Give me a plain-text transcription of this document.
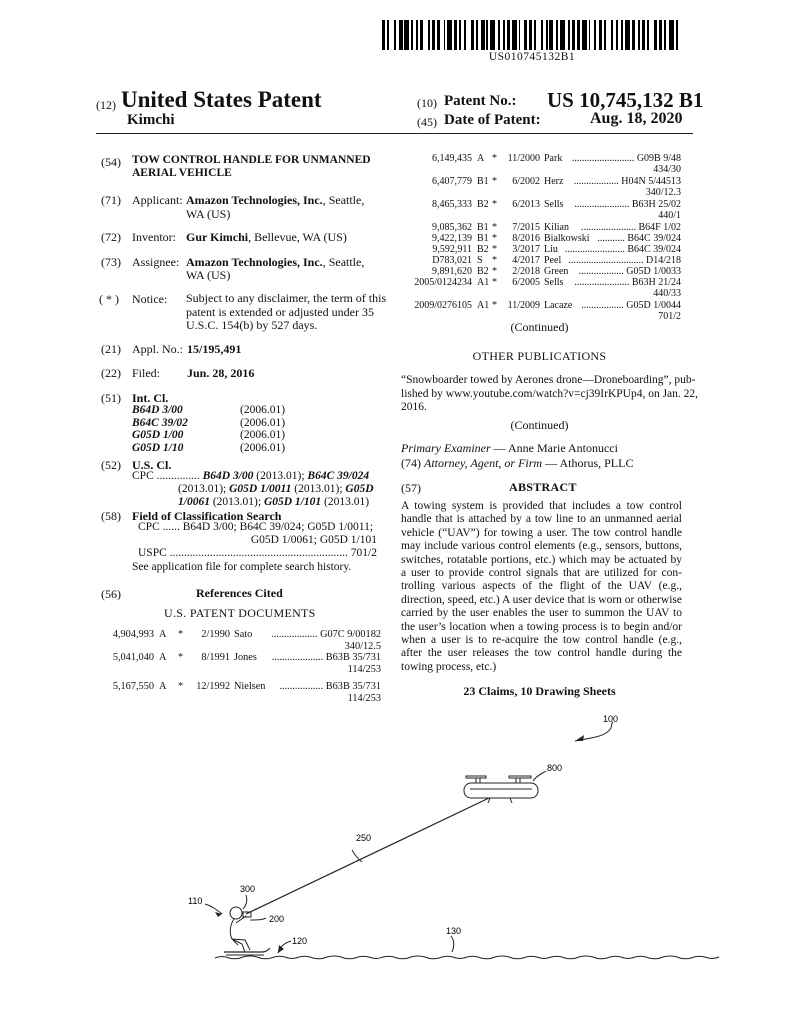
US010745132B1
(12) United States Patent
Kimchi
(10) Patent No.: US 10,745,132 B1
(45) Date of Patent:	Aug. 18, 2020
(54) TOW CONTROL HANDLE FOR UNMANNED
AERIAL VEHICLE
(71) Applicant: Amazon Technologies, Inc., Seattle,
WA (US)
(72) Inventor: Gur Kimchi, Bellevue, WA (US)
(73) Assignee: Amazon Technologies, Inc., Seattle,
WA (US)
( * ) Notice: Subject to any disclaimer, the term of this
patent is extended or adjusted under 35
U.S.C. 154(b) by 527 days.
(21) Appl. No.: 15/195,491
(22) Filed: Jun. 28, 2016
(51) Int. Cl.
B64D 3/00	(2006.01)
B64C 39/02	(2006.01)
G05D 1/00	(2006.01)
G05D 1/10	(2006.01)
(52) U.S. Cl.
CPC ............... B64D 3/00 (2013.01); B64C 39/024
(2013.01); G05D 1/0011 (2013.01); G05D
1/0061 (2013.01); G05D 1/101 (2013.01)
(58) Field of Classification Search
CPC ...... B64D 3/00; B64C 39/024; G05D 1/0011;
G05D 1/0061; G05D 1/101
USPC .............................................................. 701/2
See application file for complete search history.
(56)	References Cited
U.S. PATENT DOCUMENTS
4,904,993 A	*	2/1990 Sato	.................. G07C 9/00182
340/12.5
5,041,040 A	*	8/1991 Jones	.................... B63B 35/731
114/253
5,167,550 A	*	12/1992 Nielsen	................. B63B 35/731
114/253
6,149,435 A *	11/2000 Park ......................... G09B 9/48
434/30
6,407,779 B1 *	6/2002 Herz	.................. H04N 5/44513
340/12.3
8,465,333 B2 *	6/2013 Sells	...................... B63H 25/02
440/1
9,085,362 B1 *	7/2015 Kilian	...................... B64F 1/02
9,422,139 B1 *	8/2016 Bialkowski ........... B64C 39/024
9,592,911 B2 *	3/2017 Liu ........................ B64C 39/024
D783,021 S *	4/2017 Peel .............................. D14/218
9,891,620 B2 *	2/2018 Green	.................. G05D 1/0033
2005/0124234 A1 *	6/2005 Sells	...................... B63H 21/24
440/33
2009/0276105 A1 *	11/2009 Lacaze ................. G05D 1/0044
701/2
(Continued)
OTHER PUBLICATIONS
“Snowboarder towed by Aerones drone—Droneboarding”, pub-
lished by www.youtube.com/watch?v=cj39IrKPUp4, on Jan. 22,
2016.
(Continued)
Primary Examiner — Anne Marie Antonucci
(74) Attorney, Agent, or Firm — Athorus, PLLC
(57)	ABSTRACT
A towing system is provided that includes a tow control
handle that is attached by a tow line to an unmanned aerial
vehicle (“UAV”) for towing a user. The tow control handle
may include various control elements (e.g., sensors, buttons,
switches, rotatable portions, etc.) which may be actuated by
a user to provide control signals that are utilized for con-
trolling various aspects of the flight of the UAV (e.g.,
direction, speed, etc.) A user device that is worn or otherwise
carried by the user enables the user to summon the UAV to
the user’s location when a towing process is to begin and/or
when a user is to re-acquire the tow control handle (e.g.,
after the user releases the tow control handle during the
towing process, etc.)
23 Claims, 10 Drawing Sheets
100
800
250
300
110
200
120
130
